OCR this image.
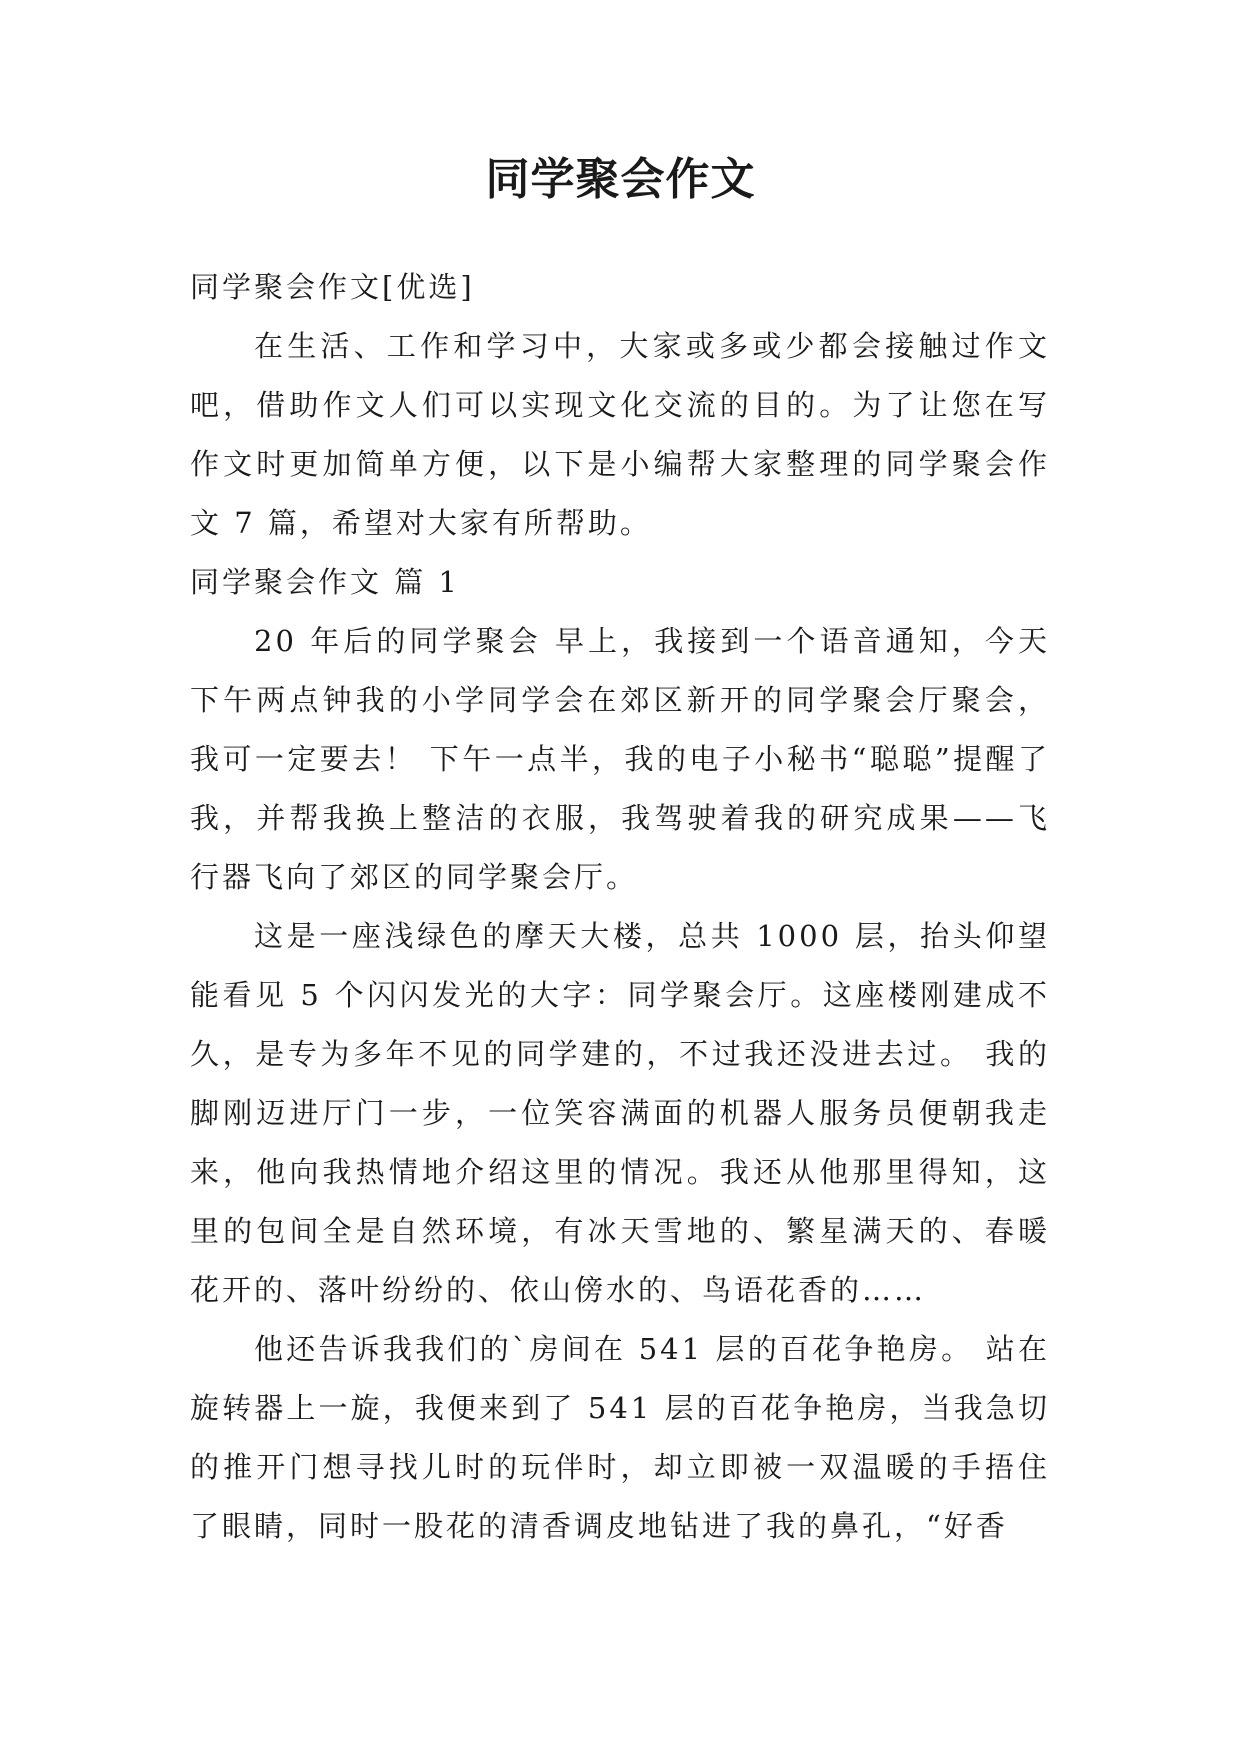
同学聚会作文

同学聚会作文[优选]

在生活、工作和学习中，大家或多或少都会接触过作文吧，借助作文人们可以实现文化交流的目的。为了让您在写作文时更加简单方便，以下是小编帮大家整理的同学聚会作文 7 篇，希望对大家有所帮助。

同学聚会作文 篇 1

20 年后的同学聚会 早上，我接到一个语音通知，今天下午两点钟我的小学同学会在郊区新开的同学聚会厅聚会，我可一定要去！ 下午一点半，我的电子小秘书“聪聪”提醒了我，并帮我换上整洁的衣服，我驾驶着我的研究成果——飞行器飞向了郊区的同学聚会厅。

这是一座浅绿色的摩天大楼，总共 1000 层，抬头仰望能看见 5 个闪闪发光的大字：同学聚会厅。这座楼刚建成不久，是专为多年不见的同学建的，不过我还没进去过。 我的脚刚迈进厅门一步，一位笑容满面的机器人服务员便朝我走来，他向我热情地介绍这里的情况。我还从他那里得知，这里的包间全是自然环境，有冰天雪地的、繁星满天的、春暖花开的、落叶纷纷的、依山傍水的、鸟语花香的……

他还告诉我我们的`房间在 541 层的百花争艳房。 站在旋转器上一旋，我便来到了 541 层的百花争艳房，当我急切的推开门想寻找儿时的玩伴时，却立即被一双温暖的手捂住了眼睛，同时一股花的清香调皮地钻进了我的鼻孔，“好香
